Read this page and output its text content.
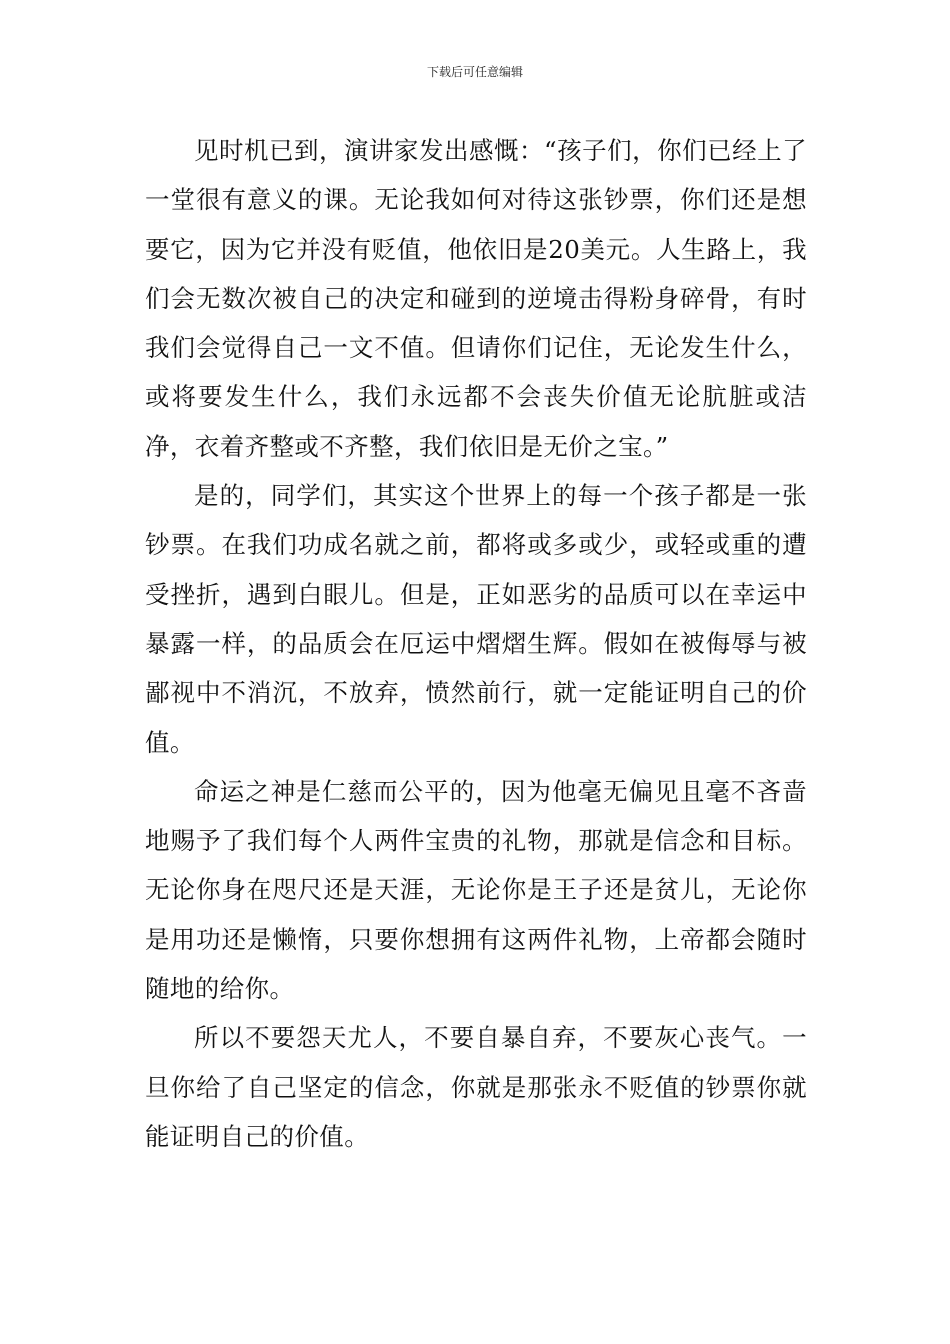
下载后可任意编辑

见时机已到，演讲家发出感慨：“孩子们，你们已经上了一堂很有意义的课。无论我如何对待这张钞票，你们还是想要它，因为它并没有贬值，他依旧是20美元。人生路上，我们会无数次被自己的决定和碰到的逆境击得粉身碎骨，有时我们会觉得自己一文不值。但请你们记住，无论发生什么，或将要发生什么，我们永远都不会丧失价值无论肮脏或洁净，衣着齐整或不齐整，我们依旧是无价之宝。”

是的，同学们，其实这个世界上的每一个孩子都是一张钞票。在我们功成名就之前，都将或多或少，或轻或重的遭受挫折，遇到白眼儿。但是，正如恶劣的品质可以在幸运中暴露一样，的品质会在厄运中熠熠生辉。假如在被侮辱与被鄙视中不消沉，不放弃，愤然前行，就一定能证明自己的价值。

命运之神是仁慈而公平的，因为他毫无偏见且毫不吝啬地赐予了我们每个人两件宝贵的礼物，那就是信念和目标。无论你身在咫尺还是天涯，无论你是王子还是贫儿，无论你是用功还是懒惰，只要你想拥有这两件礼物，上帝都会随时随地的给你。

所以不要怨天尤人，不要自暴自弃，不要灰心丧气。一旦你给了自己坚定的信念，你就是那张永不贬值的钞票你就能证明自己的价值。
